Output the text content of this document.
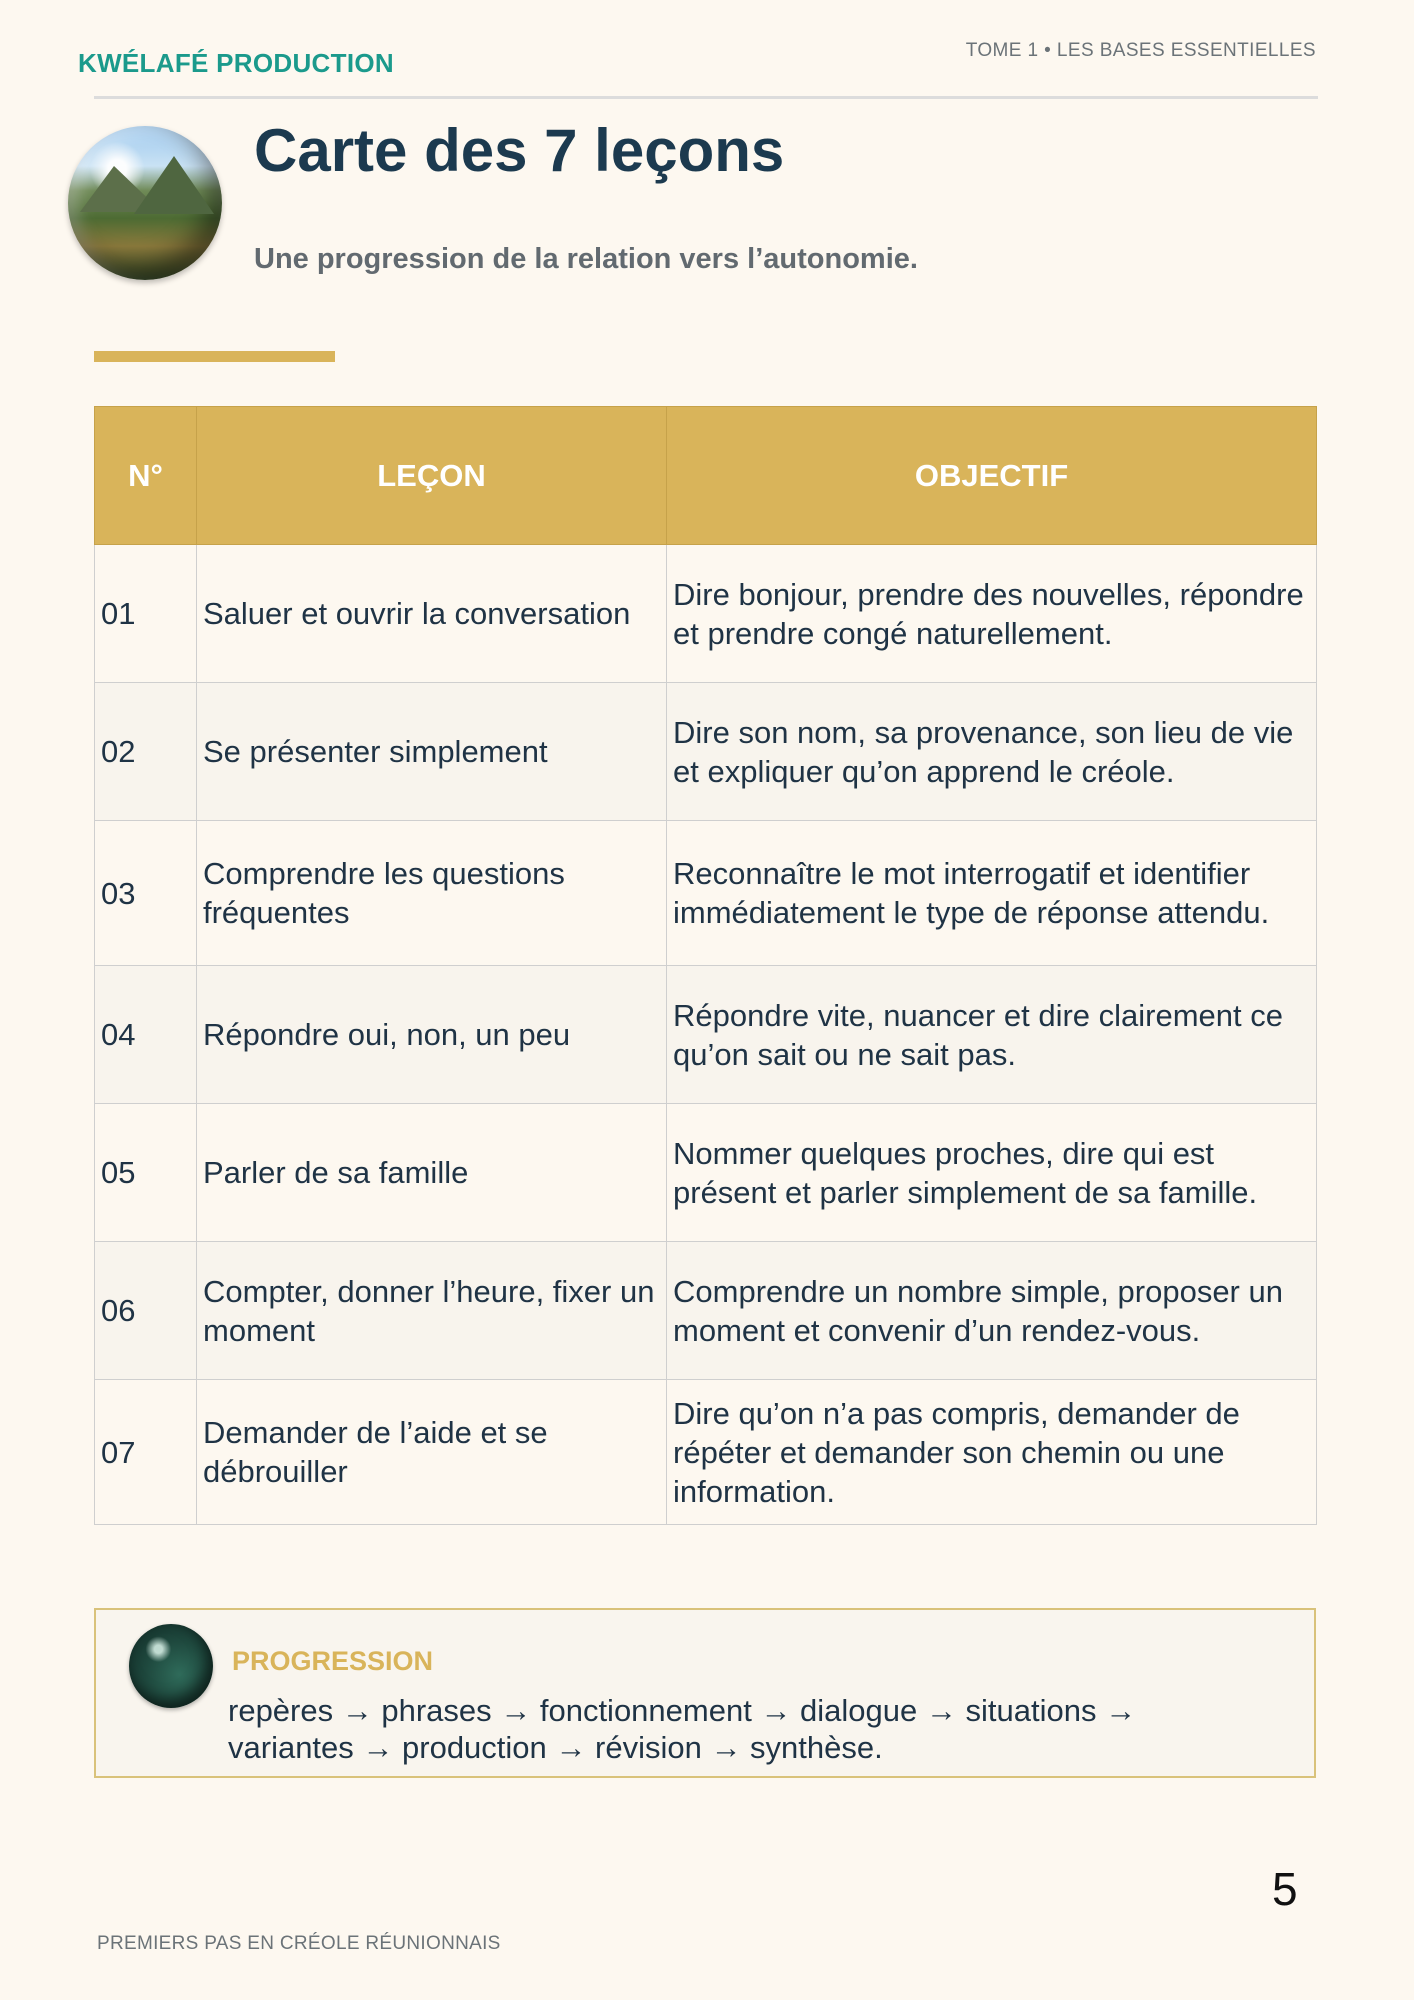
KWÉLAFÉ PRODUCTION	TOME 1 • LES BASES ESSENTIELLES
Carte des 7 leçons

Une progression de la relation vers l’autonomie.

N°	LEÇON	OBJECTIF
01	Saluer et ouvrir la conversation	Dire bonjour, prendre des nouvelles, répondre et prendre congé naturellement.
02	Se présenter simplement	Dire son nom, sa provenance, son lieu de vie et expliquer qu’on apprend le créole.
03	Comprendre les questions fréquentes	Reconnaître le mot interrogatif et identifier immédiatement le type de réponse attendu.
04	Répondre oui, non, un peu	Répondre vite, nuancer et dire clairement ce qu’on sait ou ne sait pas.
05	Parler de sa famille	Nommer quelques proches, dire qui est présent et parler simplement de sa famille.
06	Compter, donner l’heure, fixer un moment	Comprendre un nombre simple, proposer un moment et convenir d’un rendez-vous.
07	Demander de l’aide et se débrouiller	Dire qu’on n’a pas compris, demander de répéter et demander son chemin ou une information.
PROGRESSION

repères → phrases → fonctionnement → dialogue → situations → variantes → production → révision → synthèse.

5
PREMIERS PAS EN CRÉOLE RÉUNIONNAIS
